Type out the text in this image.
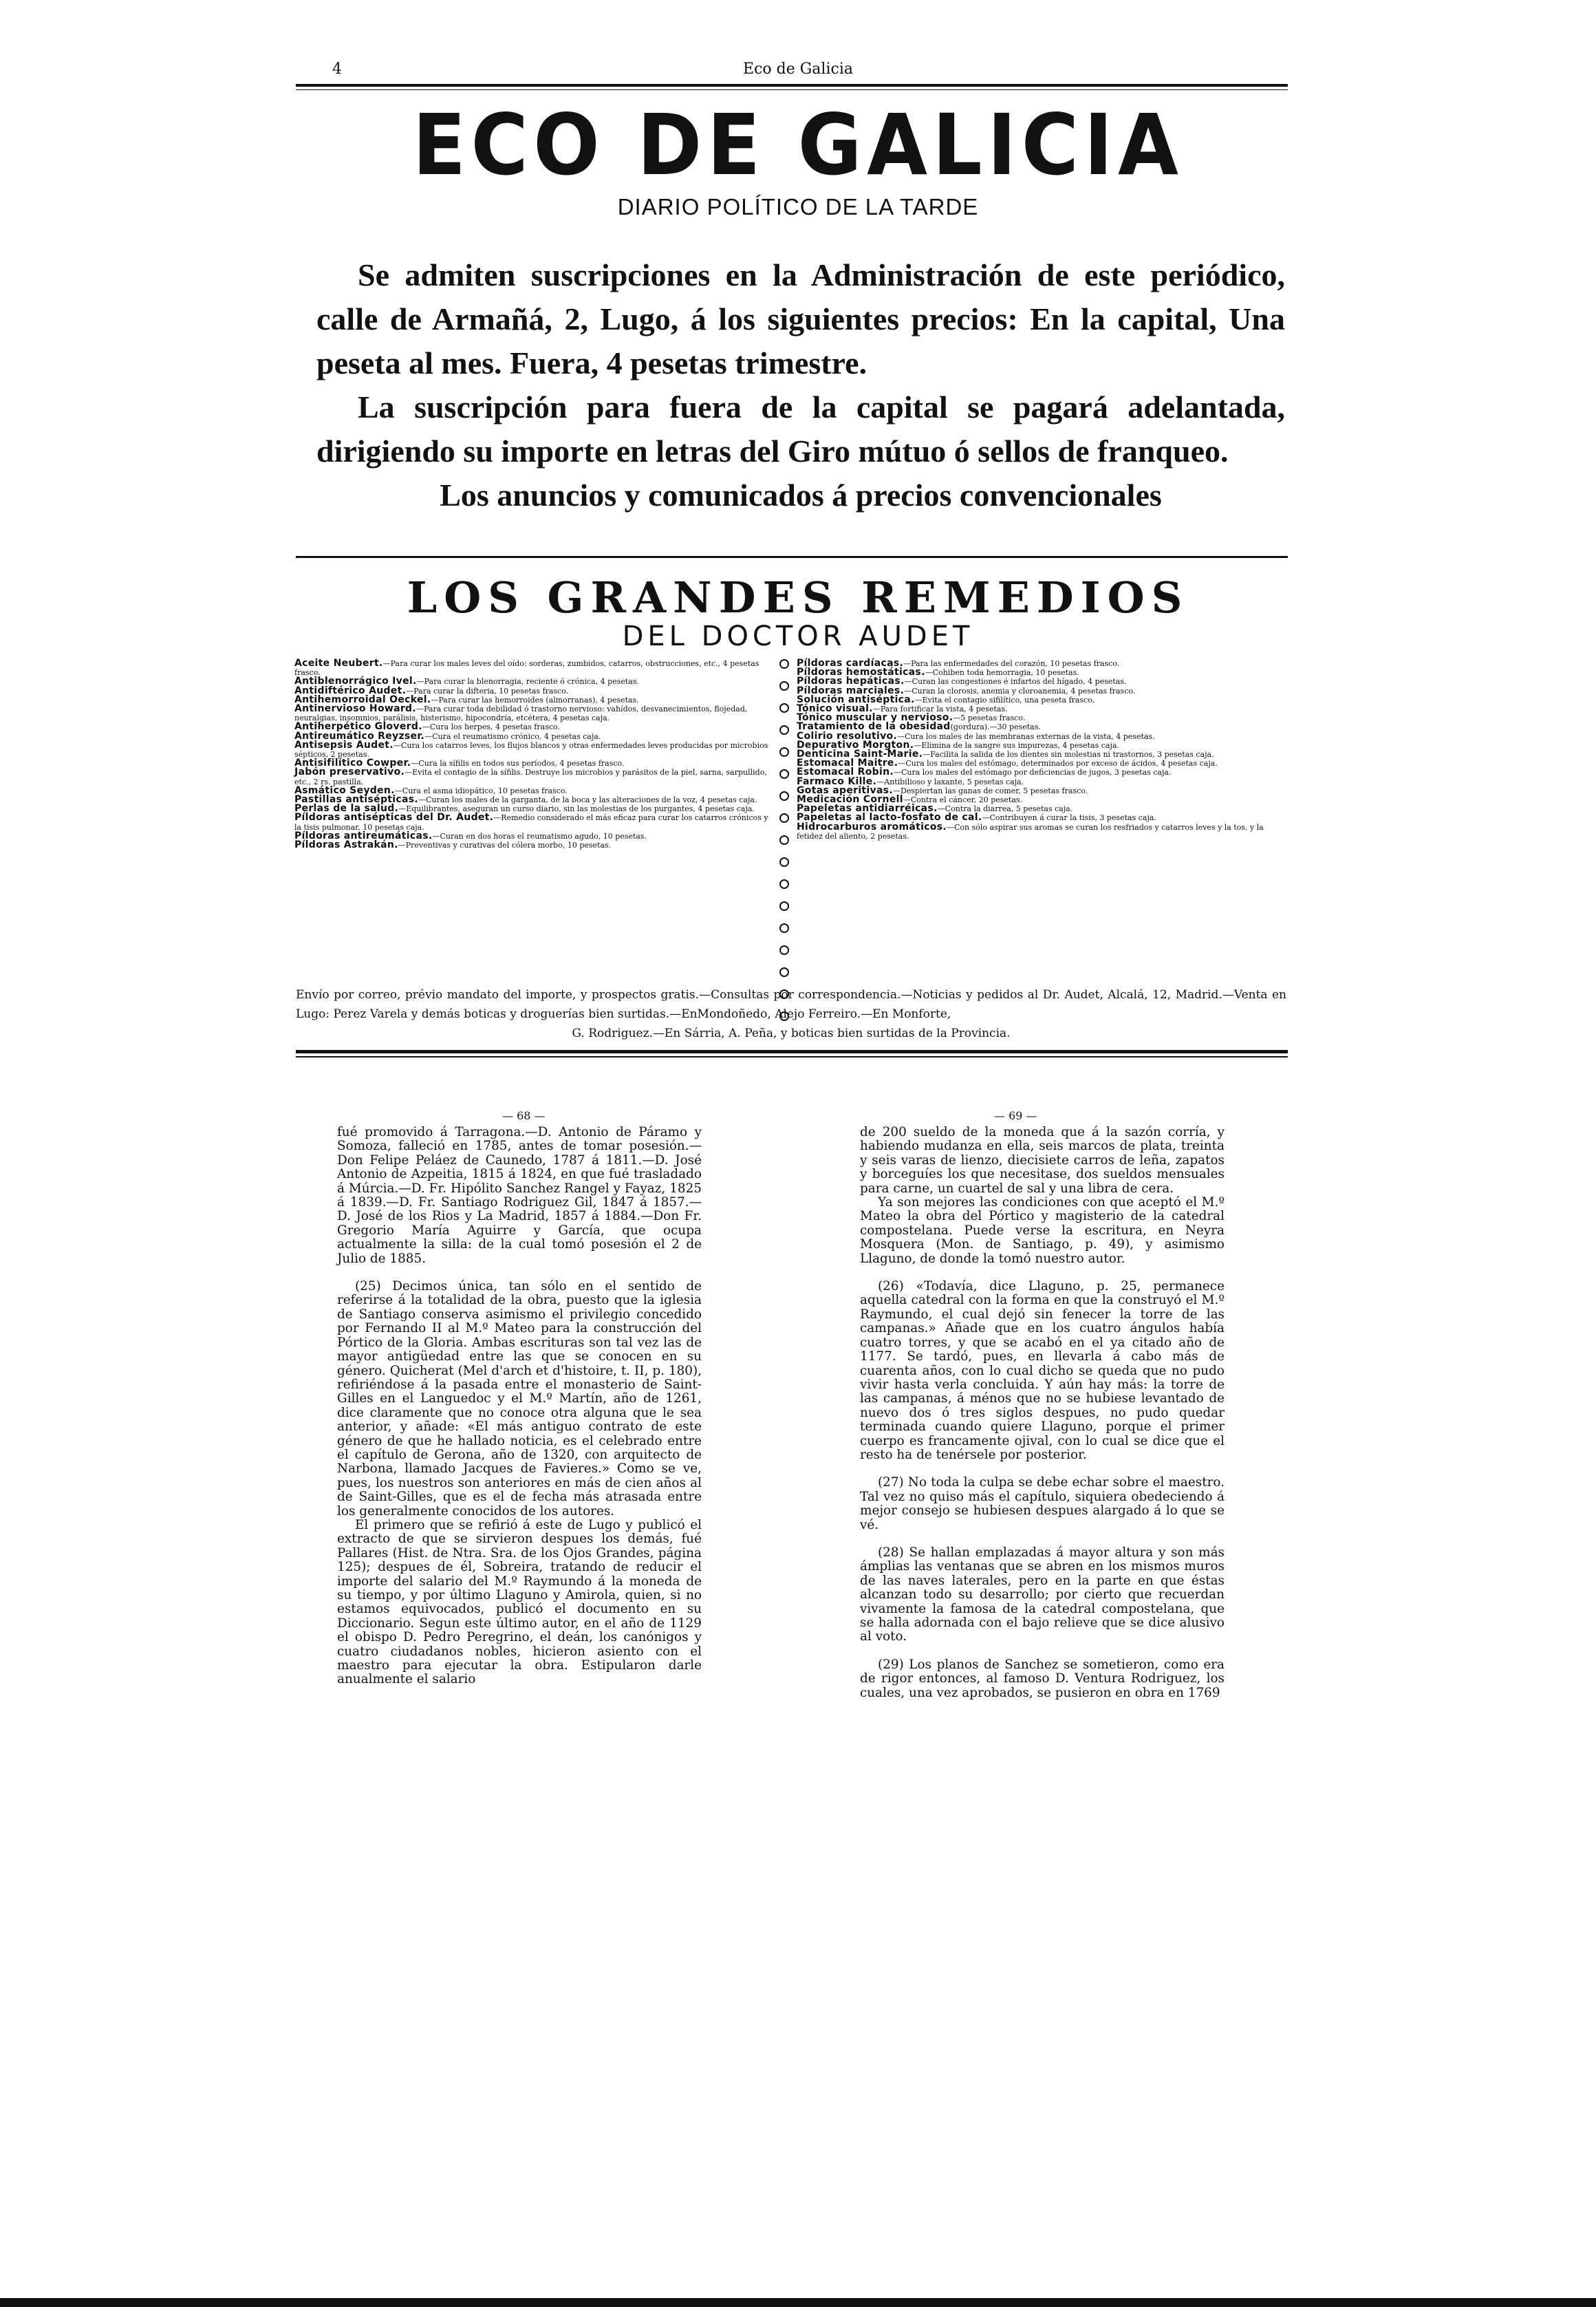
4	Eco de Galicia
ECO DE GALICIA
DIARIO POLÍTICO DE LA TARDE

Se admiten suscripciones en la Administración de este periódico, calle de Armañá, 2, Lugo, á los siguientes precios: En la capital, Una peseta al mes. Fuera, 4 pesetas trimestre.

La suscripción para fuera de la capital se pagará adelantada, dirigiendo su importe en letras del Giro mútuo ó sellos de franqueo.

Los anuncios y comunicados á precios convencionales

LOS GRANDES REMEDIOS
DEL DOCTOR AUDET

Aceite Neubert.—Para curar los males leves del oído: sorderas, zumbidos, catarros, obstrucciones, etc., 4 pesetas frasco.

Antiblenorrágico Ivel.—Para curar la blenorragia, reciente ó crónica, 4 pesetas.

Antidiftérico Audet.—Para curar la difteria, 10 pesetas frasco.

Antihemorroidal Oeckel.—Para curar las hemorroides (almorranas), 4 pesetas.

Antinervioso Howard.—Para curar toda debilidad ó trastorno nervioso: vahídos, desvanecimientos, flojedad, neuralgias, insomnios, parálisis, histerismo, hipocondría, etcétera, 4 pesetas caja.

Antiherpético Gloverd.—Cura los herpes, 4 pesetas frasco.

Antireumático Reyzser.—Cura el reumatismo crónico, 4 pesetas caja.

Antisepsis Audet.—Cura los catarros leves, los flujos blancos y otras enfermedades leves producidas por microbios sépticos, 2 pesetas.

Antisifilítico Cowper.—Cura la sífilis en todos sus períodos, 4 pesetas frasco.

Jabón preservativo.—Evita el contagio de la sífilis. Destruye los microbios y parásitos de la piel, sarna, sarpullido, etc., 2 rs. pastilla.

Asmático Seyden.—Cura el asma idiopático, 10 pesetas frasco.

Pastillas antisépticas.—Curan los males de la garganta, de la boca y las alteraciones de la voz, 4 pesetas caja.

Perlas de la salud.—Equilibrantes, aseguran un curso diario, sin las molestias de los purgantes, 4 pesetas caja.

Píldoras antisépticas del Dr. Audet.—Remedio considerado el más eficaz para curar los catarros crónicos y la tisis pulmonar, 10 pesetas caja.

Píldoras antireumáticas.—Curan en dos horas el reumatismo agudo, 10 pesetas.

Píldoras Astrakán.—Preventivas y curativas del cólera morbo, 10 pesetas.

Píldoras cardíacas.—Para las enfermedades del corazón, 10 pesetas frasco.

Píldoras hemostáticas.—Cohiben toda hemorragia, 10 pesetas.

Píldoras hepáticas.—Curan las congestiones é infartos del hígado, 4 pesetas.

Píldoras marciales.—Curan la clorosis, anemia y cloroanemia, 4 pesetas frasco.

Solución antiséptica.—Evita el contagio sifilítico, una peseta frasco.

Tónico visual.—Para fortificar la vista, 4 pesetas.

Tónico muscular y nervioso.—5 pesetas frasco.

Tratamiento de la obesidad(gordura).—30 pesetas.

Colirio resolutivo.—Cura los males de las membranas externas de la vista, 4 pesetas.

Depurativo Morgton.—Elimina de la sangre sus impurezas, 4 pesetas caja.

Denticina Saint-Marie.—Facilita la salida de los dientes sin molestias ni trastornos, 3 pesetas caja.

Estomacal Maitre.—Cura los males del estómago, determinados por exceso de ácidos, 4 pesetas caja.

Estomacal Robin.—Cura los males del estómago por deficiencias de jugos, 3 pesetas caja.

Farmaco Kille.—Antibilioso y laxante, 5 pesetas caja.

Gotas aperitivas.—Despiertan las ganas de comer, 5 pesetas frasco.

Medicación Cornell—Contra el cáncer, 20 pesetas.

Papeletas antidiarréicas.—Contra la diarrea, 5 pesetas caja.

Papeletas al lacto-fosfato de cal.—Contribuyen á curar la tisis, 3 pesetas caja.

Hidrocarburos aromáticos.—Con sólo aspirar sus aromas se curan los resfriados y catarros leves y la tos, y la fetidez del aliento, 2 pesetas.

Envío por correo, prévio mandato del importe, y prospectos gratis.—Consultas por correspondencia.—Noticias y pedidos al Dr. Audet, Alcalá, 12, Madrid.—Venta en Lugo: Perez Varela y demás boticas y droguerías bien surtidas.—EnMondoñedo, Alejo Ferreiro.—En Monforte,

G. Rodriguez.—En Sárria, A. Peña, y boticas bien surtidas de la Provincia.

— 68 —	— 69 —

fué promovido á Tarragona.—D. Antonio de Páramo y Somoza, falleció en 1785, antes de tomar posesión.—Don Felipe Peláez de Caunedo, 1787 á 1811.—D. José Antonio de Azpeitia, 1815 á 1824, en que fué trasladado á Múrcia.—D. Fr. Hipólito Sanchez Rangel y Fayaz, 1825 á 1839.—D. Fr. Santiago Rodriguez Gil, 1847 á 1857.—D. José de los Rios y La Madrid, 1857 á 1884.—Don Fr. Gregorio María Aguirre y García, que ocupa actualmente la silla: de la cual tomó posesión el 2 de Julio de 1885.

(25) Decimos única, tan sólo en el sentido de referirse á la totalidad de la obra, puesto que la iglesia de Santiago conserva asimismo el privilegio concedido por Fernando II al M.º Mateo para la construcción del Pórtico de la Gloria. Ambas escrituras son tal vez las de mayor antigüedad entre las que se conocen en su género. Quicherat (Mel d'arch et d'histoire, t. II, p. 180), refiriéndose á la pasada entre el monasterio de Saint-Gilles en el Languedoc y el M.º Martín, año de 1261, dice claramente que no conoce otra alguna que le sea anterior, y añade: «El más antiguo contrato de este género de que he hallado noticia, es el celebrado entre el capítulo de Gerona, año de 1320, con arquitecto de Narbona, llamado Jacques de Favieres.» Como se ve, pues, los nuestros son anteriores en más de cien años al de Saint-Gilles, que es el de fecha más atrasada entre los generalmente conocidos de los autores.

El primero que se refirió á este de Lugo y publicó el extracto de que se sirvieron despues los demás, fué Pallares (Hist. de Ntra. Sra. de los Ojos Grandes, página 125); despues de él, Sobreira, tratando de reducir el importe del salario del M.º Raymundo á la moneda de su tiempo, y por último Llaguno y Amirola, quien, si no estamos equivocados, publicó el documento en su Diccionario. Segun este último autor, en el año de 1129 el obispo D. Pedro Peregrino, el deán, los canónigos y cuatro ciudadanos nobles, hicieron asiento con el maestro para ejecutar la obra. Estipularon darle anualmente el salario

de 200 sueldo de la moneda que á la sazón corría, y habiendo mudanza en ella, seis marcos de plata, treinta y seis varas de lienzo, diecisiete carros de leña, zapatos y borceguíes los que necesitase, dos sueldos mensuales para carne, un cuartel de sal y una libra de cera.

Ya son mejores las condiciones con que aceptó el M.º Mateo la obra del Pórtico y magisterio de la catedral compostelana. Puede verse la escritura, en Neyra Mosquera (Mon. de Santiago, p. 49), y asimismo Llaguno, de donde la tomó nuestro autor.

(26) «Todavía, dice Llaguno, p. 25, permanece aquella catedral con la forma en que la construyó el M.º Raymundo, el cual dejó sin fenecer la torre de las campanas.» Añade que en los cuatro ángulos había cuatro torres, y que se acabó en el ya citado año de 1177. Se tardó, pues, en llevarla á cabo más de cuarenta años, con lo cual dicho se queda que no pudo vivir hasta verla concluida. Y aún hay más: la torre de las campanas, á ménos que no se hubiese levantado de nuevo dos ó tres siglos despues, no pudo quedar terminada cuando quiere Llaguno, porque el primer cuerpo es francamente ojival, con lo cual se dice que el resto ha de tenérsele por posterior.

(27) No toda la culpa se debe echar sobre el maestro. Tal vez no quiso más el capítulo, siquiera obedeciendo á mejor consejo se hubiesen despues alargado á lo que se vé.

(28) Se hallan emplazadas á mayor altura y son más ámplias las ventanas que se abren en los mismos muros de las naves laterales, pero en la parte en que éstas alcanzan todo su desarrollo; por cierto que recuerdan vivamente la famosa de la catedral compostelana, que se halla adornada con el bajo relieve que se dice alusivo al voto.

(29) Los planos de Sanchez se sometieron, como era de rigor entonces, al famoso D. Ventura Rodriguez, los cuales, una vez aprobados, se pusieron en obra en 1769
